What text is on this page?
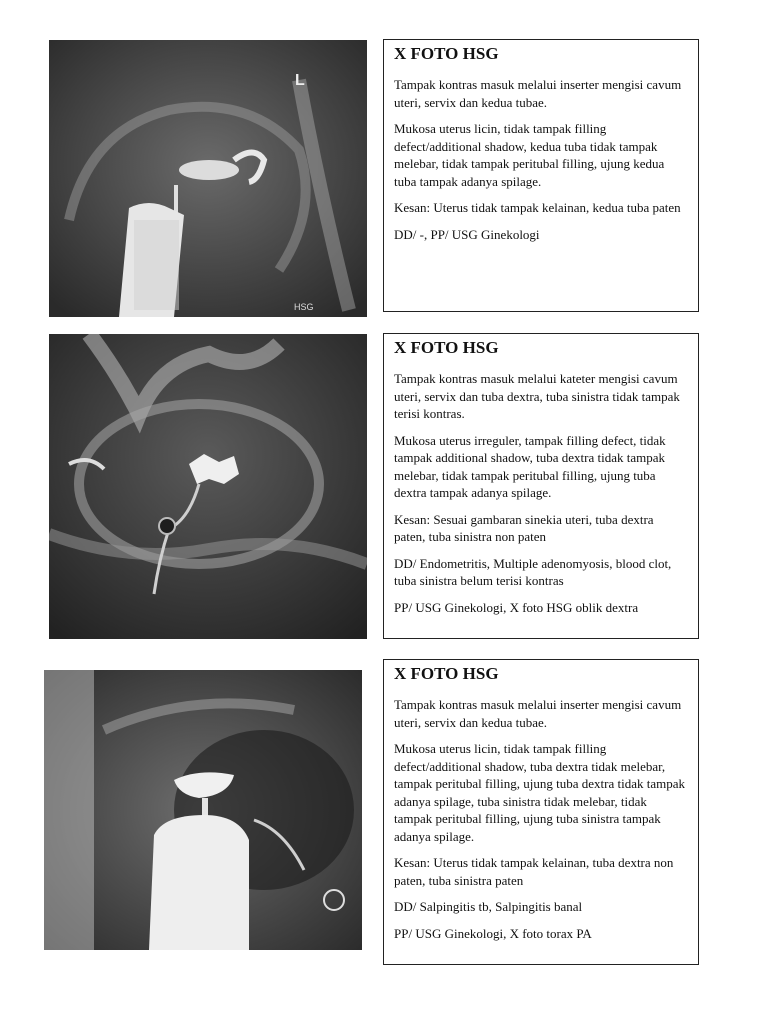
L
HSG
X FOTO HSG

Tampak kontras masuk melalui inserter mengisi cavum uteri, servix dan kedua tubae.

Mukosa uterus licin, tidak tampak filling defect/additional shadow, kedua tuba tidak tampak melebar, tidak tampak peritubal filling, ujung kedua tuba tampak adanya spilage.

Kesan: Uterus tidak tampak kelainan, kedua tuba paten

DD/ -, PP/ USG Ginekologi

X FOTO HSG

Tampak kontras masuk melalui kateter mengisi cavum uteri, servix dan tuba dextra, tuba sinistra tidak tampak terisi kontras.

Mukosa uterus irreguler, tampak filling defect, tidak tampak additional shadow, tuba dextra tidak tampak melebar, tidak tampak peritubal filling, ujung tuba dextra tampak adanya spilage.

Kesan: Sesuai gambaran sinekia uteri, tuba dextra paten, tuba sinistra non paten

DD/ Endometritis, Multiple adenomyosis, blood clot, tuba sinistra belum terisi kontras

PP/ USG Ginekologi, X foto HSG oblik dextra

X FOTO HSG

Tampak kontras masuk melalui inserter mengisi cavum uteri, servix dan kedua tubae.

Mukosa uterus licin, tidak tampak filling defect/additional shadow, tuba dextra tidak melebar, tampak peritubal filling, ujung tuba dextra tidak tampak adanya spilage, tuba sinistra tidak melebar, tidak tampak peritubal filling, ujung tuba sinistra tampak adanya spilage.

Kesan: Uterus tidak tampak kelainan, tuba dextra non paten, tuba sinistra paten

DD/ Salpingitis tb, Salpingitis banal

PP/ USG Ginekologi, X foto torax PA
